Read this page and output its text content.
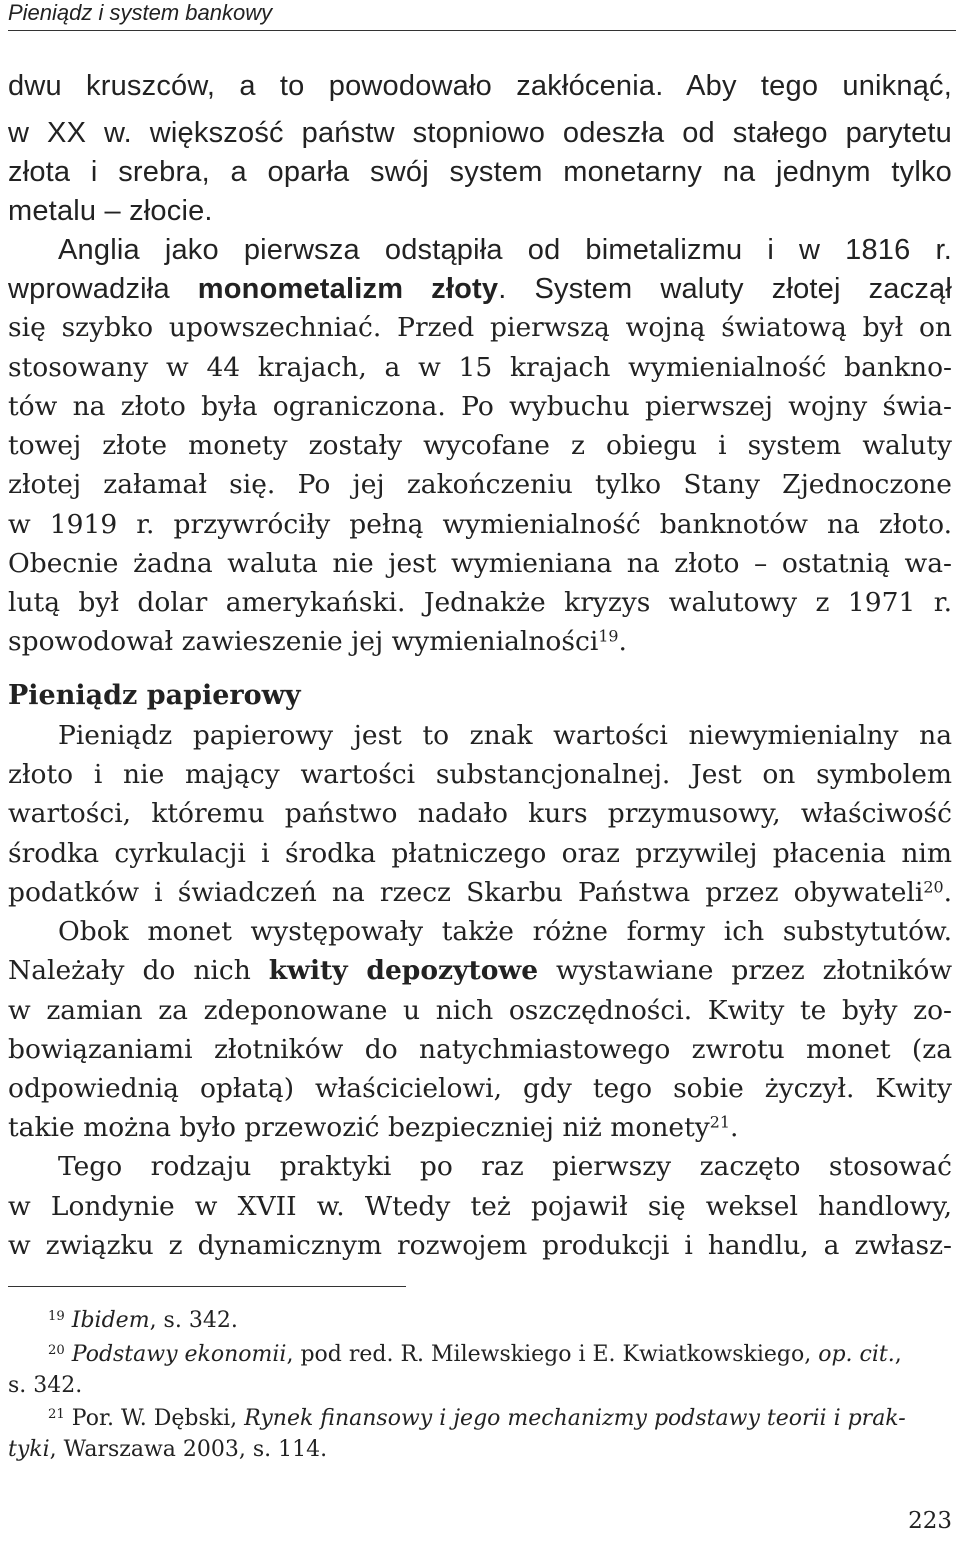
Pieniądz i system bankowy
dwu kruszców, a to powodowało zakłócenia. Aby tego uniknąć,
w XX w. większość państw stopniowo odeszła od stałego parytetu
złota i srebra, a oparła swój system monetarny na jednym tylko
metalu – złocie.
Anglia jako pierwsza odstąpiła od bimetalizmu i w 1816 r.
wprowadziła monometalizm złoty. System waluty złotej zaczął
się szybko upowszechniać. Przed pierwszą wojną światową był on
stosowany w 44 krajach, a w 15 krajach wymienialność bankno-
tów na złoto była ograniczona. Po wybuchu pierwszej wojny świa-
towej złote monety zostały wycofane z obiegu i system waluty
złotej załamał się. Po jej zakończeniu tylko Stany Zjednoczone
w 1919 r. przywróciły pełną wymienialność banknotów na złoto.
Obecnie żadna waluta nie jest wymieniana na złoto – ostatnią wa-
lutą był dolar amerykański. Jednakże kryzys walutowy z 1971 r.
spowodował zawieszenie jej wymienialności$^{19}$.
Pieniądz papierowy
Pieniądz papierowy jest to znak wartości niewymienialny na
złoto i nie mający wartości substancjonalnej. Jest on symbolem
wartości, któremu państwo nadało kurs przymusowy, właściwość
środka cyrkulacji i środka płatniczego oraz przywilej płacenia nim
podatków i świadczeń na rzecz Skarbu Państwa przez obywateli$^{20}$.
Obok monet występowały także różne formy ich substytutów.
Należały do nich kwity depozytowe wystawiane przez złotników
w zamian za zdeponowane u nich oszczędności. Kwity te były zo-
bowiązaniami złotników do natychmiastowego zwrotu monet (za
odpowiednią opłatą) właścicielowi, gdy tego sobie życzył. Kwity
takie można było przewozić bezpieczniej niż monety$^{21}$.
Tego rodzaju praktyki po raz pierwszy zaczęto stosować
w Londynie w XVII w. Wtedy też pojawił się weksel handlowy,
w związku z dynamicznym rozwojem produkcji i handlu, a zwłasz-
$^{19}$ Ibidem, s. 342.
$^{20}$ Podstawy ekonomii, pod red. R. Milewskiego i E. Kwiatkowskiego, op. cit.,
s. 342.
$^{21}$ Por. W. Dębski, Rynek finansowy i jego mechanizmy podstawy teorii i prak-
tyki, Warszawa 2003, s. 114.
223
